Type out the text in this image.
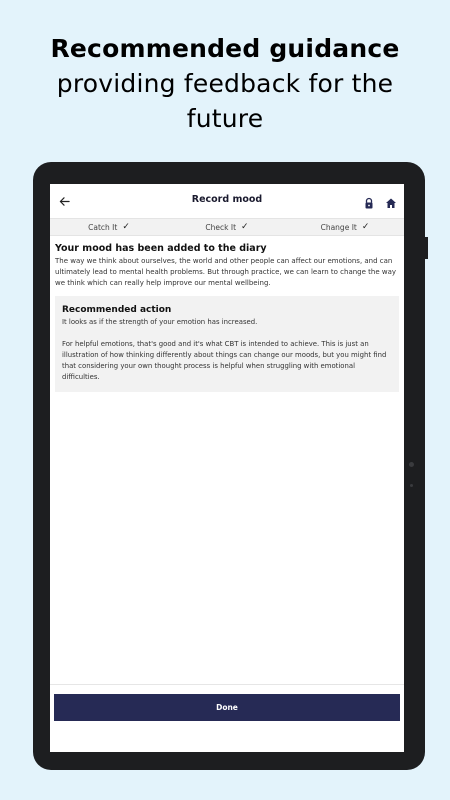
Recommended guidance
providing feedback for the
future
Record mood
Catch It ✓	Check It ✓	Change It ✓
Your mood has been added to the diary
The way we think about ourselves, the world and other people can affect our emotions, and can ultimately lead to mental health problems. But through practice, we can learn to change the way we think which can really help improve our mental wellbeing.
Recommended action
It looks as if the strength of your emotion has increased.
For helpful emotions, that's good and it's what CBT is intended to achieve. This is just an illustration of how thinking differently about things can change our moods, but you might find that considering your own thought process is helpful when struggling with emotional difficulties.
Done
